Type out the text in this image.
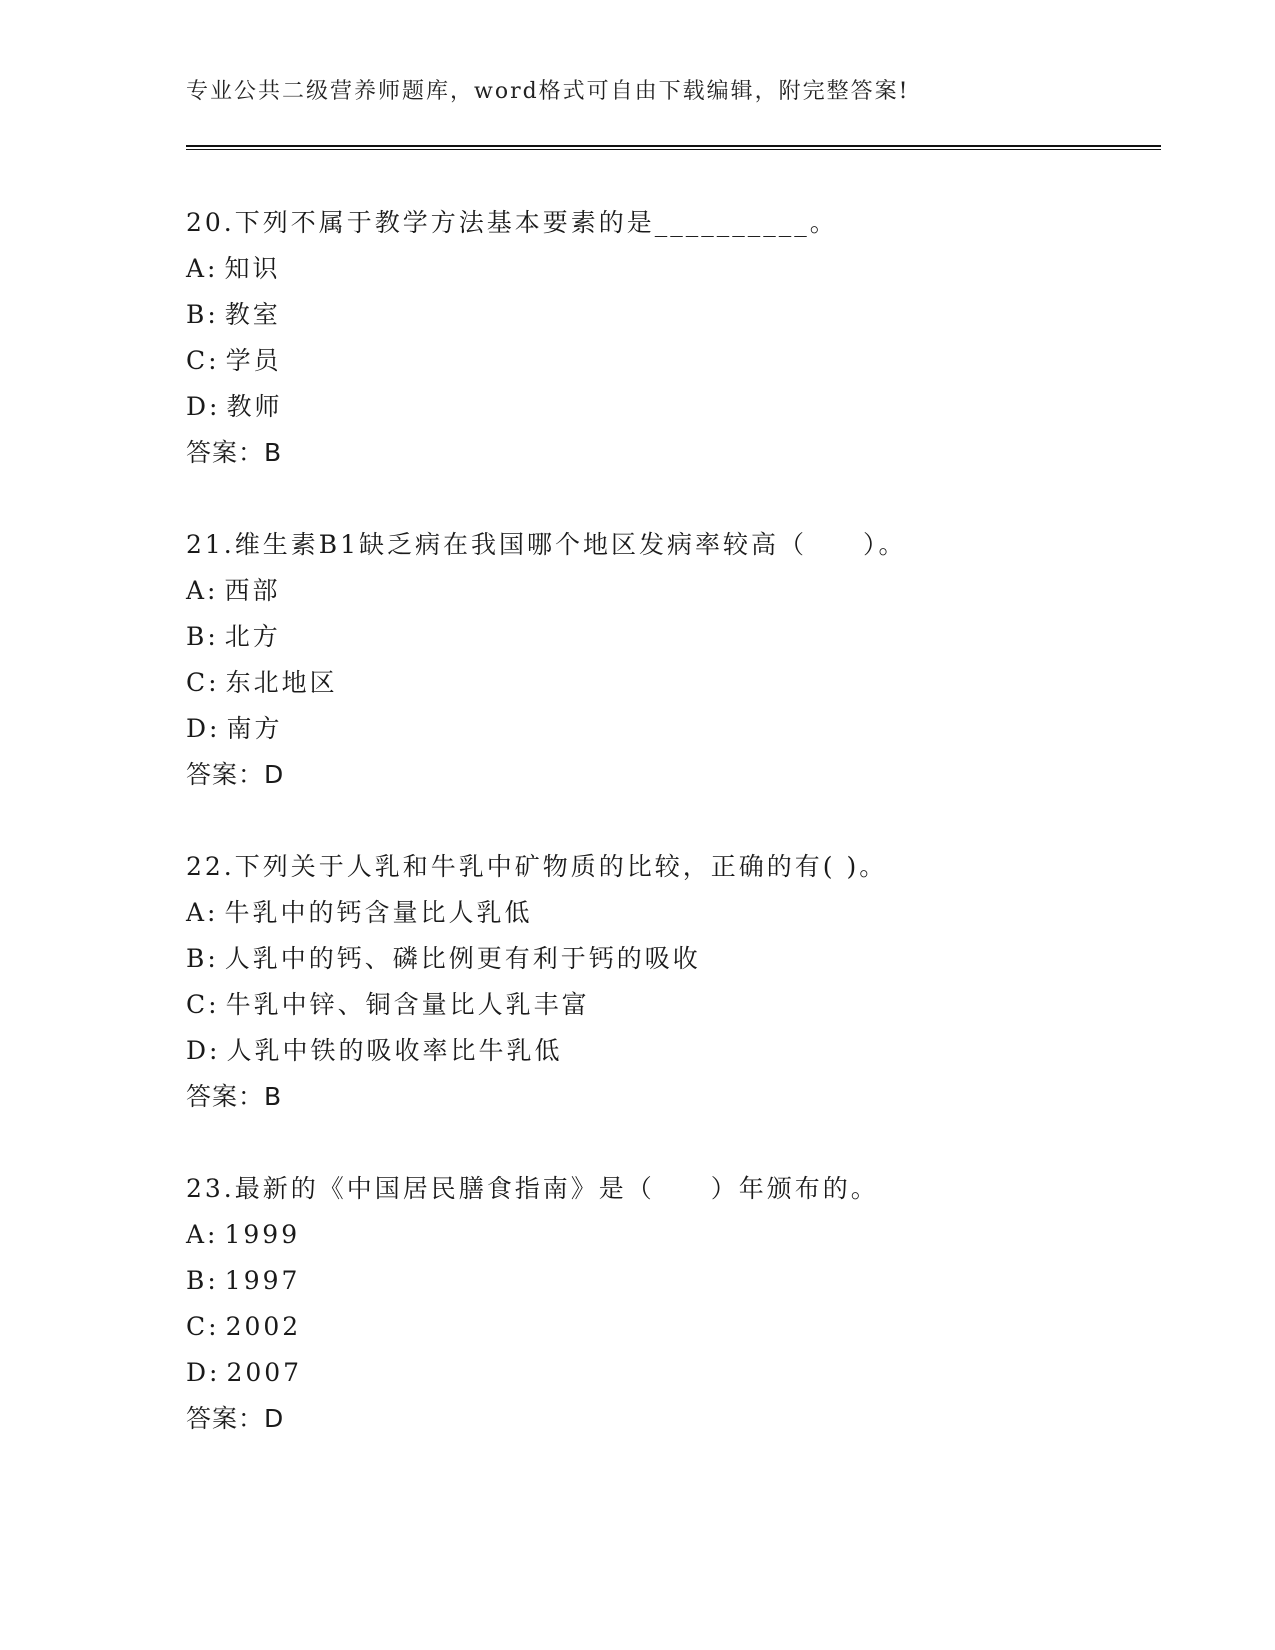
专业公共二级营养师题库，word格式可自由下载编辑，附完整答案!
20.下列不属于教学方法基本要素的是__________。
A: 知识
B: 教室
C: 学员
D: 教师
答案：B
21.维生素B1缺乏病在我国哪个地区发病率较高（　　）。
A: 西部
B: 北方
C: 东北地区
D: 南方
答案：D
22.下列关于人乳和牛乳中矿物质的比较，正确的有( )。
A: 牛乳中的钙含量比人乳低
B: 人乳中的钙、磷比例更有利于钙的吸收
C: 牛乳中锌、铜含量比人乳丰富
D: 人乳中铁的吸收率比牛乳低
答案：B
23.最新的《中国居民膳食指南》是（　　）年颁布的。
A: 1999
B: 1997
C: 2002
D: 2007
答案：D
